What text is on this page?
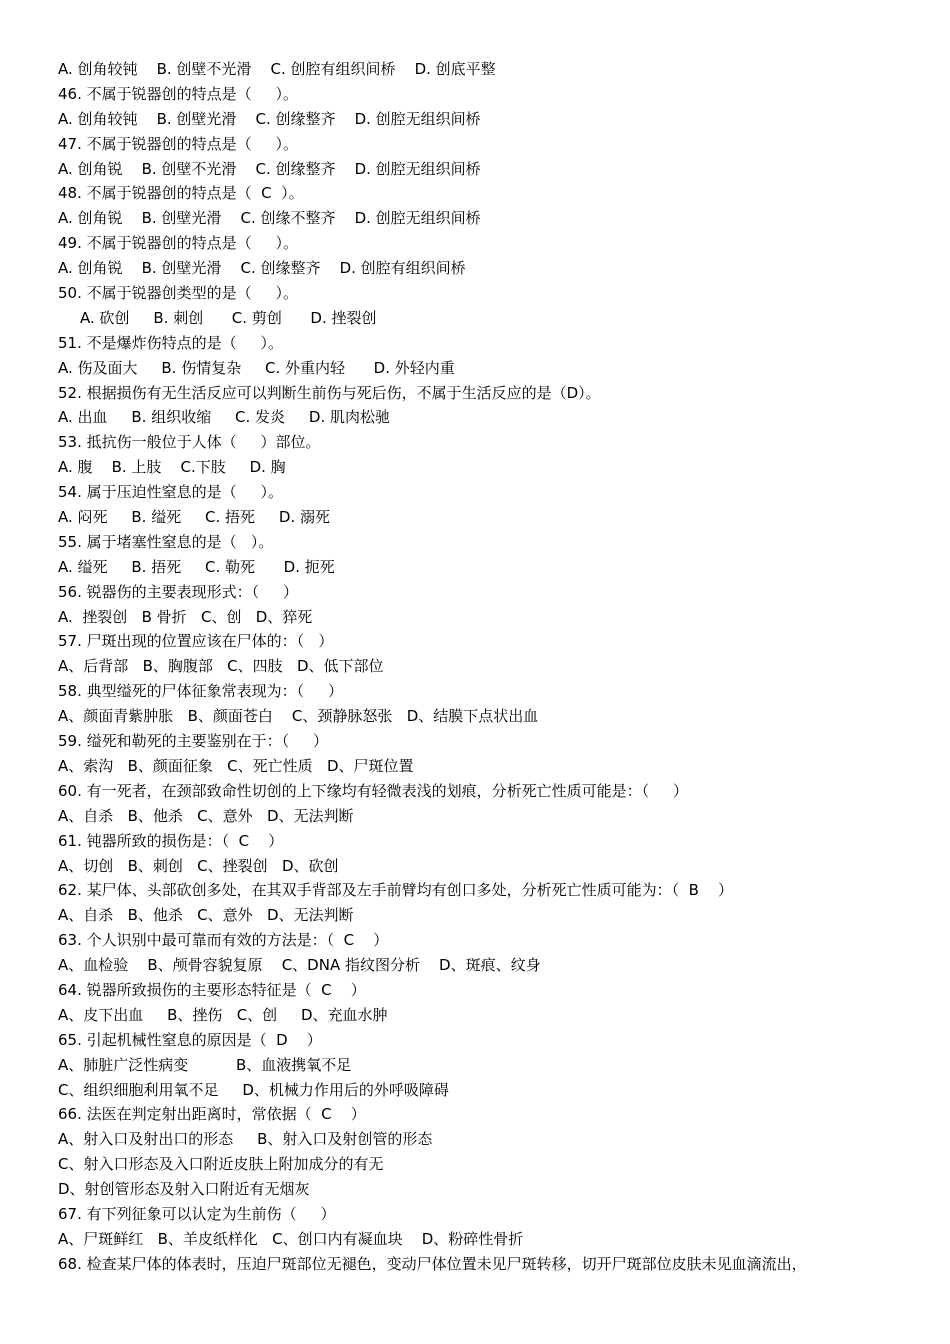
A. 创角较钝    B. 创壁不光滑    C. 创腔有组织间桥    D. 创底平整
46. 不属于锐器创的特点是（     ）。
A. 创角较钝    B. 创壁光滑    C. 创缘整齐    D. 创腔无组织间桥
47. 不属于锐器创的特点是（     ）。
A. 创角锐    B. 创壁不光滑    C. 创缘整齐    D. 创腔无组织间桥
48. 不属于锐器创的特点是（  C  ）。
A. 创角锐    B. 创壁光滑    C. 创缘不整齐    D. 创腔无组织间桥
49. 不属于锐器创的特点是（     ）。
A. 创角锐    B. 创壁光滑    C. 创缘整齐    D. 创腔有组织间桥
50. 不属于锐器创类型的是（     ）。
A. 砍创     B. 刺创      C. 剪创      D. 挫裂创
51. 不是爆炸伤特点的是（     ）。
A. 伤及面大     B. 伤情复杂     C. 外重内轻      D. 外轻内重
52. 根据损伤有无生活反应可以判断生前伤与死后伤，不属于生活反应的是（D）。
A. 出血     B. 组织收缩     C. 发炎     D. 肌肉松驰
53. 抵抗伤一般位于人体（     ）部位。
A. 腹    B. 上肢    C.下肢     D. 胸
54. 属于压迫性窒息的是（     ）。
A. 闷死     B. 缢死     C. 捂死     D. 溺死
55. 属于堵塞性窒息的是（   ）。
A. 缢死     B. 捂死     C. 勒死      D. 扼死
56. 锐器伤的主要表现形式：（     ）
A.  挫裂创   B 骨折   C、创   D、猝死
57. 尸斑出现的位置应该在尸体的：（   ）
A、后背部   B、胸腹部   C、四肢   D、低下部位
58. 典型缢死的尸体征象常表现为：（     ）
A、颜面青紫肿胀   B、颜面苍白    C、颈静脉怒张   D、结膜下点状出血
59. 缢死和勒死的主要鉴别在于：（     ）
A、索沟   B、颜面征象   C、死亡性质   D、尸斑位置
60. 有一死者，在颈部致命性切创的上下缘均有轻微表浅的划痕，分析死亡性质可能是：（     ）
A、自杀   B、他杀   C、意外   D、无法判断
61. 钝器所致的损伤是：（  C    ）
A、切创   B、刺创   C、挫裂创   D、砍创
62. 某尸体、头部砍创多处，在其双手背部及左手前臂均有创口多处，分析死亡性质可能为：（  B    ）
A、自杀   B、他杀   C、意外   D、无法判断
63. 个人识别中最可靠而有效的方法是：（  C    ）
A、血检验    B、颅骨容貌复原    C、DNA 指纹图分析    D、斑痕、纹身
64. 锐器所致损伤的主要形态特征是（  C    ）
A、皮下出血     B、挫伤   C、创     D、充血水肿
65. 引起机械性窒息的原因是（  D    ）
A、肺脏广泛性病变          B、血液携氧不足
C、组织细胞利用氧不足     D、机械力作用后的外呼吸障碍
66. 法医在判定射出距离时，常依据（  C    ）
A、射入口及射出口的形态     B、射入口及射创管的形态
C、射入口形态及入口附近皮肤上附加成分的有无
D、射创管形态及射入口附近有无烟灰
67. 有下列征象可以认定为生前伤（     ）
A、尸斑鲜红   B、羊皮纸样化   C、创口内有凝血块    D、粉碎性骨折
68. 检查某尸体的体表时，压迫尸斑部位无褪色，变动尸体位置未见尸斑转移，切开尸斑部位皮肤未见血滴流出，
